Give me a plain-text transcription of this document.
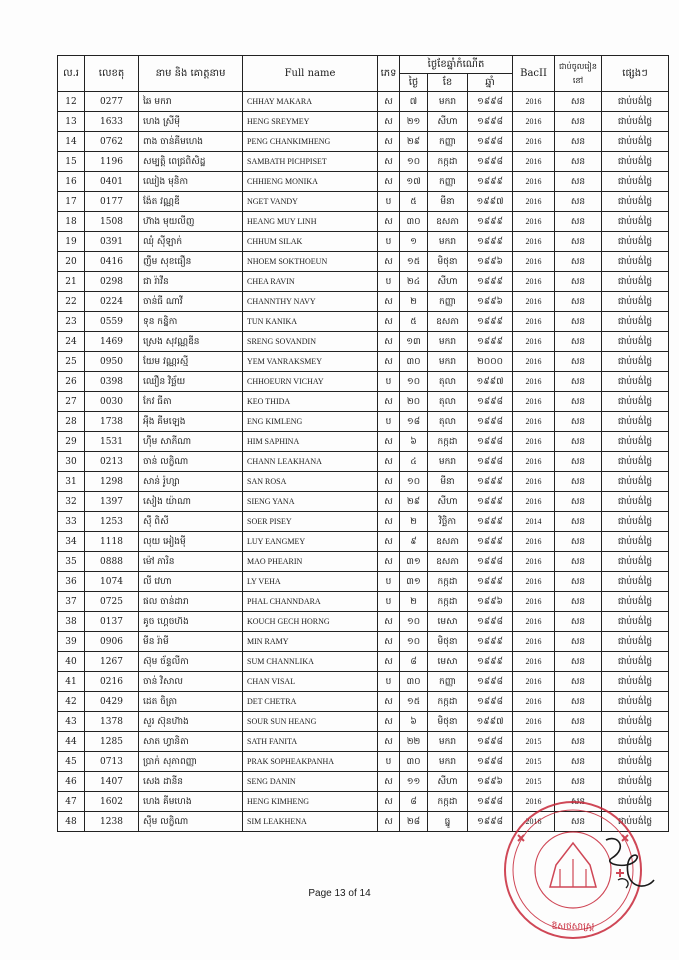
ល.រ	លេខតុ	នាម និង គោត្តនាម	Full name	ភេទ	ថ្ងៃខែឆ្នាំកំណើត			BacII	ជាប់ចូលរៀននៅ	ផ្សេងៗ
					ថ្ងៃ	ខែ	ឆ្នាំ			
12	0277	ឆៃ មករា	CHHAY MAKARA	ស	៧	មករា	១៩៩៨	2016	សន	ជាប់បង់ថ្លៃ
13	1633	ហេង ស្រីមុី	HENG SREYMEY	ស	២១	សីហា	១៩៩៨	2016	សន	ជាប់បង់ថ្លៃ
14	0762	ពាង ចាន់គីមហេង	PENG CHANKIMHENG	ស	២៩	កញ្ញា	១៩៩៨	2016	សន	ជាប់បង់ថ្លៃ
15	1196	សម្បត្តិ ពេជ្រពិសិដ្ឋ	SAMBATH PICHPISET	ស	១០	កក្កដា	១៩៩៨	2016	សន	ជាប់បង់ថ្លៃ
16	0401	ឈៀង មុនិកា	CHHIENG MONIKA	ស	១៧	កញ្ញា	១៩៩៩	2016	សន	ជាប់បង់ថ្លៃ
17	0177	ង៉ែត វណ្ណឌី	NGET VANDY	ប	៥	មីនា	១៩៩៧	2016	សន	ជាប់បង់ថ្លៃ
18	1508	ហ៊ាង មុយលីញ	HEANG MUY LINH	ស	៣០	ឧសភា	១៩៩៩	2016	សន	ជាប់បង់ថ្លៃ
19	0391	ឈុំ ស៊ីឡាក់	CHHUM SILAK	ប	១	មករា	១៩៩៩	2016	សន	ជាប់បង់ថ្លៃ
20	0416	ញឹម សុខធឿន	NHOEM SOKTHOEUN	ស	១៥	មិថុនា	១៩៩៦	2016	សន	ជាប់បង់ថ្លៃ
21	0298	ជា រ៉ាវីន	CHEA RAVIN	ប	២៤	សីហា	១៩៩៩	2016	សន	ជាប់បង់ថ្លៃ
22	0224	ចាន់ធី ណាវី	CHANNTHY NAVY	ស	២	កញ្ញា	១៩៩៦	2016	សន	ជាប់បង់ថ្លៃ
23	0559	ទុន កន្និកា	TUN KANIKA	ស	៥	ឧសភា	១៩៩៩	2016	សន	ជាប់បង់ថ្លៃ
24	1469	ស្រេង សុវណ្ណឌីន	SRENG SOVANDIN	ស	១៣	មករា	១៩៩៩	2016	សន	ជាប់បង់ថ្លៃ
25	0950	យែម វណ្ណរស្មី	YEM VANRAKSMEY	ស	៣០	មករា	២០០០	2016	សន	ជាប់បង់ថ្លៃ
26	0398	ឈឿន វិច្ឆ័យ	CHHOEURN VICHAY	ប	១០	តុលា	១៩៩៧	2016	សន	ជាប់បង់ថ្លៃ
27	0030	កែវ ធីតា	KEO THIDA	ស	២០	តុលា	១៩៩៨	2016	សន	ជាប់បង់ថ្លៃ
28	1738	អុឹង គីមឡេង	ENG KIMLENG	ប	១៨	តុលា	១៩៩៨	2016	សន	ជាប់បង់ថ្លៃ
29	1531	ហ៊ឹម សាភីណា	HIM SAPHINA	ស	៦	កក្កដា	១៩៩៨	2016	សន	ជាប់បង់ថ្លៃ
30	0213	ចាន់ លក្ខិណា	CHANN LEAKHANA	ស	៤	មករា	១៩៩៨	2016	សន	ជាប់បង់ថ្លៃ
31	1298	សាន់ រ៉ូហ្សា	SAN ROSA	ស	១០	មីនា	១៩៩៩	2016	សន	ជាប់បង់ថ្លៃ
32	1397	សៀង យ៉ាណា	SIENG YANA	ស	២៩	សីហា	១៩៩៩	2016	សន	ជាប់បង់ថ្លៃ
33	1253	ស៊ឺ ពិសី	SOER PISEY	ស	២	វិច្ឆិកា	១៩៩៩	2014	សន	ជាប់បង់ថ្លៃ
34	1118	លុយ អៀងមុី	LUY EANGMEY	ស	៩	ឧសភា	១៩៩៩	2016	សន	ជាប់បង់ថ្លៃ
35	0888	ម៉ៅ ភារិន	MAO PHEARIN	ស	៣១	ឧសភា	១៩៩៨	2016	សន	ជាប់បង់ថ្លៃ
36	1074	លី វេហា	LY VEHA	ប	៣១	កក្កដា	១៩៩៩	2016	សន	ជាប់បង់ថ្លៃ
37	0725	ផល ចាន់ដារា	PHAL CHANNDARA	ប	២	កក្កដា	១៩៩៦	2016	សន	ជាប់បង់ថ្លៃ
38	0137	គូច ហ្គេចហ៊ង	KOUCH GECH HORNG	ស	១០	មេសា	១៩៩៨	2016	សន	ជាប់បង់ថ្លៃ
39	0906	មីន រ៉ាមី	MIN RAMY	ស	១០	មិថុនា	១៩៩៩	2016	សន	ជាប់បង់ថ្លៃ
40	1267	ស៊ុម ច័ន្ទលីកា	SUM CHANNLIKA	ស	៨	មេសា	១៩៩៩	2016	សន	ជាប់បង់ថ្លៃ
41	0216	ចាន់ វិសាល	CHAN VISAL	ប	៣០	កញ្ញា	១៩៩៨	2016	សន	ជាប់បង់ថ្លៃ
42	0429	ដេត ចិត្រា	DET CHETRA	ស	១៥	កក្កដា	១៩៩៨	2016	សន	ជាប់បង់ថ្លៃ
43	1378	សួរ ស៊ុនហ៊ាង	SOUR SUN HEANG	ស	៦	មិថុនា	១៩៩៧	2016	សន	ជាប់បង់ថ្លៃ
44	1285	សាត ហ្វានិតា	SATH FANITA	ស	២២	មករា	១៩៩៨	2015	សន	ជាប់បង់ថ្លៃ
45	0713	ប្រាក់ សុភាពញ្ញា	PRAK SOPHEAKPANHA	ប	៣០	មករា	១៩៩៨	2015	សន	ជាប់បង់ថ្លៃ
46	1407	សេង ដានីន	SENG DANIN	ស	១១	សីហា	១៩៩៦	2015	សន	ជាប់បង់ថ្លៃ
47	1602	ហេង គីមហេង	HENG KIMHENG	ស	៨	កក្កដា	១៩៩៨	2016	សន	ជាប់បង់ថ្លៃ
48	1238	ស៊ឹម លក្ខិណា	SIM LEAKHENA	ស	២៨	ធ្នូ	១៩៩៨	2016	សន	ជាប់បង់ថ្លៃ
Page 13 of 14
ឱសថសាស្ត្រ
